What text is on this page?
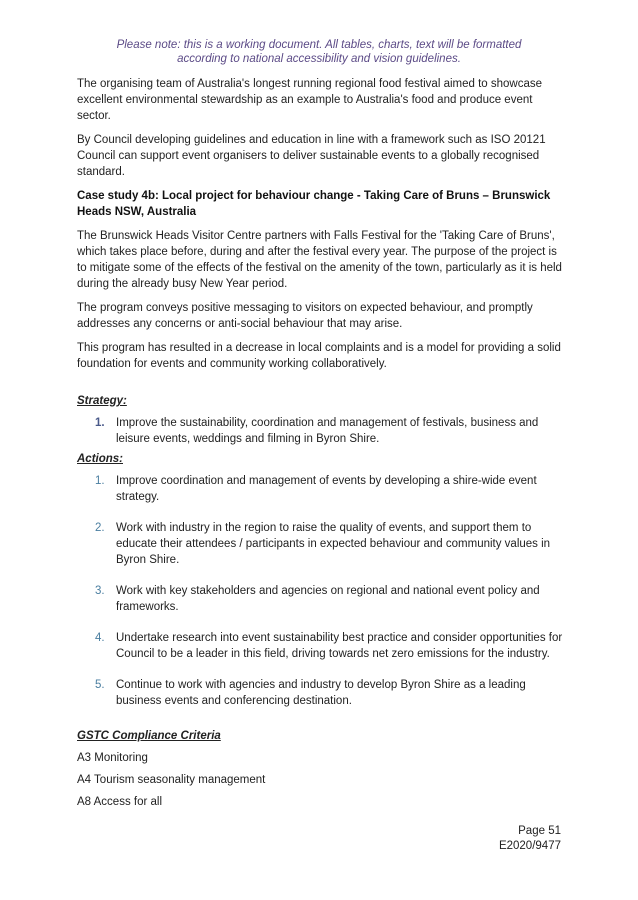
Please note: this is a working document. All tables, charts, text will be formatted
according to national accessibility and vision guidelines.

The organising team of Australia's longest running regional food festival aimed to showcase excellent environmental stewardship as an example to Australia's food and produce event sector.

By Council developing guidelines and education in line with a framework such as ISO 20121 Council can support event organisers to deliver sustainable events to a globally recognised standard.

Case study 4b: Local project for behaviour change - Taking Care of Bruns – Brunswick Heads NSW, Australia

The Brunswick Heads Visitor Centre partners with Falls Festival for the 'Taking Care of Bruns', which takes place before, during and after the festival every year. The purpose of the project is to mitigate some of the effects of the festival on the amenity of the town, particularly as it is held during the already busy New Year period.

The program conveys positive messaging to visitors on expected behaviour, and promptly addresses any concerns or anti-social behaviour that may arise.

This program has resulted in a decrease in local complaints and is a model for providing a solid foundation for events and community working collaboratively.

Strategy:
1. Improve the sustainability, coordination and management of festivals, business and leisure events, weddings and filming in Byron Shire.
Actions:
1. Improve coordination and management of events by developing a shire-wide event strategy.
2. Work with industry in the region to raise the quality of events, and support them to educate their attendees / participants in expected behaviour and community values in Byron Shire.
3. Work with key stakeholders and agencies on regional and national event policy and frameworks.
4. Undertake research into event sustainability best practice and consider opportunities for Council to be a leader in this field, driving towards net zero emissions for the industry.
5. Continue to work with agencies and industry to develop Byron Shire as a leading business events and conferencing destination.
GSTC Compliance Criteria

A3 Monitoring

A4 Tourism seasonality management

A8 Access for all

Page 51
E2020/9477
